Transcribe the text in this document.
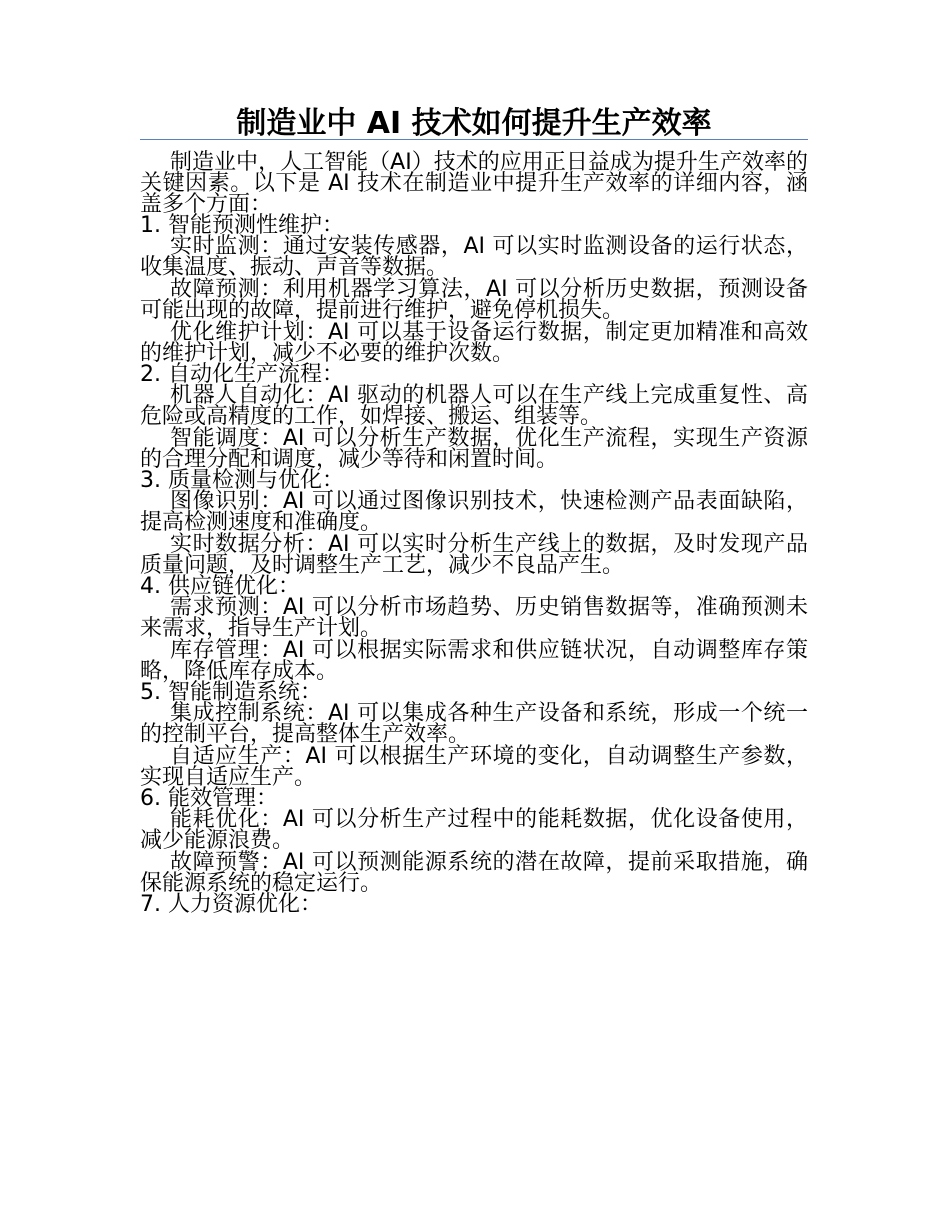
制造业中 AI 技术如何提升生产效率

制造业中，人工智能（AI）技术的应用正日益成为提升生产效率的关键因素。以下是 AI 技术在制造业中提升生产效率的详细内容，涵盖多个方面：

1. 智能预测性维护：

实时监测：通过安装传感器，AI 可以实时监测设备的运行状态，收集温度、振动、声音等数据。

故障预测：利用机器学习算法，AI 可以分析历史数据，预测设备可能出现的故障，提前进行维护，避免停机损失。

优化维护计划：AI 可以基于设备运行数据，制定更加精准和高效的维护计划，减少不必要的维护次数。

2. 自动化生产流程：

机器人自动化：AI 驱动的机器人可以在生产线上完成重复性、高危险或高精度的工作，如焊接、搬运、组装等。

智能调度：AI 可以分析生产数据，优化生产流程，实现生产资源的合理分配和调度，减少等待和闲置时间。

3. 质量检测与优化：

图像识别：AI 可以通过图像识别技术，快速检测产品表面缺陷，提高检测速度和准确度。

实时数据分析：AI 可以实时分析生产线上的数据，及时发现产品质量问题，及时调整生产工艺，减少不良品产生。

4. 供应链优化：

需求预测：AI 可以分析市场趋势、历史销售数据等，准确预测未来需求，指导生产计划。

库存管理：AI 可以根据实际需求和供应链状况，自动调整库存策略，降低库存成本。

5. 智能制造系统：

集成控制系统：AI 可以集成各种生产设备和系统，形成一个统一的控制平台，提高整体生产效率。

自适应生产：AI 可以根据生产环境的变化，自动调整生产参数，实现自适应生产。

6. 能效管理：

能耗优化：AI 可以分析生产过程中的能耗数据，优化设备使用，减少能源浪费。

故障预警：AI 可以预测能源系统的潜在故障，提前采取措施，确保能源系统的稳定运行。

7. 人力资源优化：
